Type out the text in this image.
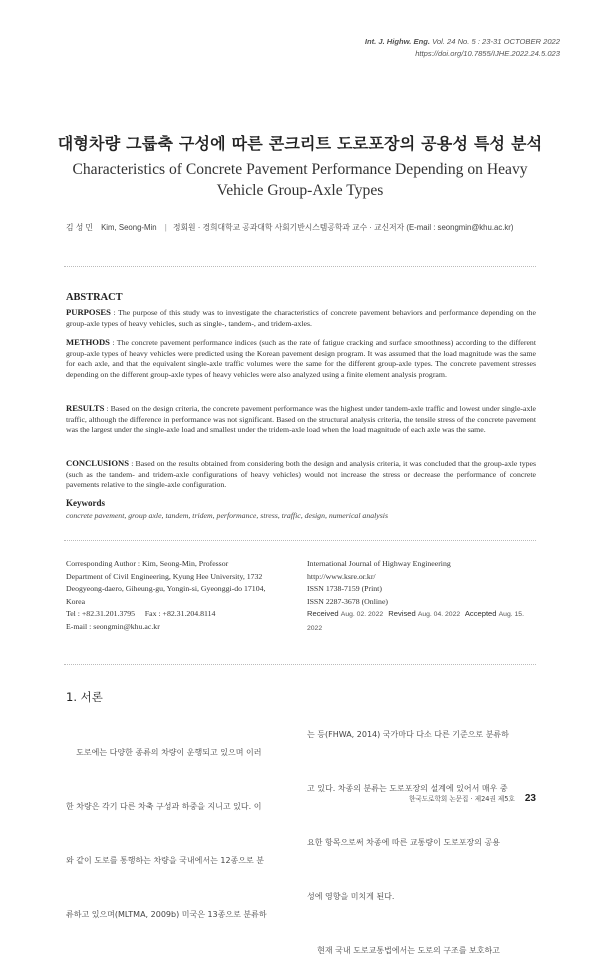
Int. J. Highw. Eng. Vol. 24 No. 5 : 23-31 OCTOBER 2022
https://doi.org/10.7855/IJHE.2022.24.5.023
대형차량 그룹축 구성에 따른 콘크리트 도로포장의 공용성 특성 분석
Characteristics of Concrete Pavement Performance Depending on Heavy Vehicle Group-Axle Types
김 성 민 Kim, Seong-Min | 정회원 · 경희대학교 공과대학 사회기반시스템공학과 교수 · 교신저자 (E-mail : seongmin@khu.ac.kr)
ABSTRACT
PURPOSES : The purpose of this study was to investigate the characteristics of concrete pavement behaviors and performance depending on the group-axle types of heavy vehicles, such as single-, tandem-, and tridem-axles.
METHODS : The concrete pavement performance indices (such as the rate of fatigue cracking and surface smoothness) according to the different group-axle types of heavy vehicles were predicted using the Korean pavement design program. It was assumed that the load magnitude was the same for each axle, and that the equivalent single-axle traffic volumes were the same for the different group-axle types. The concrete pavement stresses depending on the different group-axle types of heavy vehicles were also analyzed using a finite element analysis program.
RESULTS : Based on the design criteria, the concrete pavement performance was the highest under tandem-axle traffic and lowest under single-axle traffic, although the difference in performance was not significant. Based on the structural analysis criteria, the tensile stress of the concrete pavement was the largest under the single-axle load and smallest under the tridem-axle load when the load magnitude of each axle was the same.
CONCLUSIONS : Based on the results obtained from considering both the design and analysis criteria, it was concluded that the group-axle types (such as the tandem- and tridem-axle configurations of heavy vehicles) would not increase the stress or decrease the performance of concrete pavements relative to the single-axle configuration.
Keywords
concrete pavement, group axle, tandem, tridem, performance, stress, traffic, design, numerical analysis
Corresponding Author : Kim, Seong-Min, Professor
Department of Civil Engineering, Kyung Hee University, 1732
Deogyeong-daero, Giheung-gu, Yongin-si, Gyeonggi-do 17104,
Korea
Tel : +82.31.201.3795     Fax : +82.31.204.8114
E-mail : seongmin@khu.ac.kr
International Journal of Highway Engineering
http://www.ksre.or.kr/
ISSN 1738-7159 (Print)
ISSN 2287-3678 (Online)
Received Aug. 02. 2022 Revised Aug. 04. 2022 Accepted Aug. 15. 2022
1. 서론

도로에는 다양한 종류의 차량이 운행되고 있으며 이러

한 차량은 각기 다른 차축 구성과 하중을 지니고 있다. 이

와 같이 도로를 통행하는 차량을 국내에서는 12종으로 분

류하고 있으며(MLTMA, 2009b) 미국은 13종으로 분류하

는 등(FHWA, 2014) 국가마다 다소 다른 기준으로 분류하

고 있다. 차종의 분류는 도로포장의 설계에 있어서 매우 중

요한 항목으로써 차종에 따른 교통량이 도로포장의 공용

성에 영향을 미치게 된다.

현재 국내 도로교통법에서는 도로의 구조를 보호하고

한국도로학회 논문집 · 제24권 제5호 23
